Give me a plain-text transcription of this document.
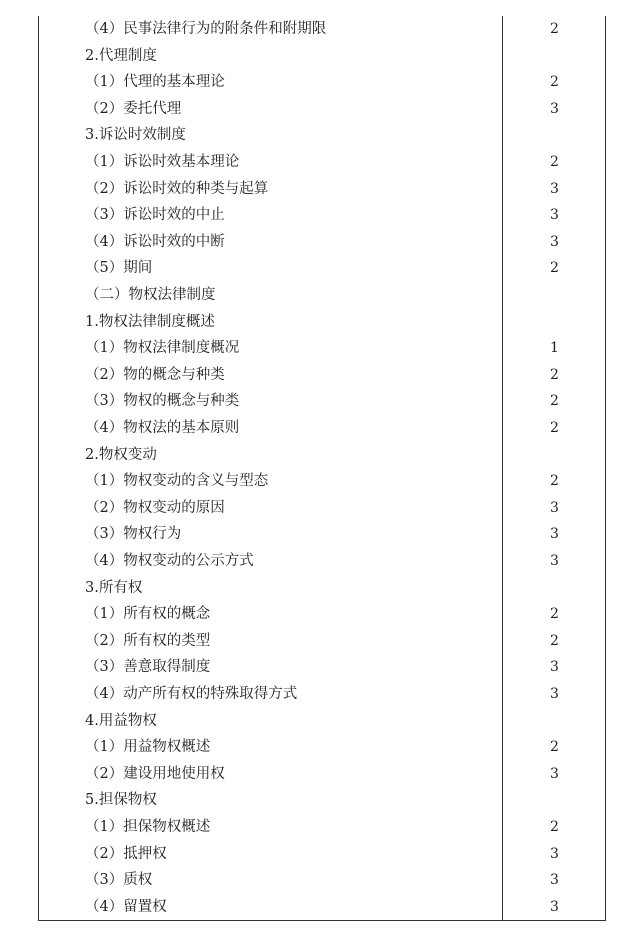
（4）民事法律行为的附条件和附期限	2
2.代理制度
（1）代理的基本理论	2
（2）委托代理	3
3.诉讼时效制度
（1）诉讼时效基本理论	2
（2）诉讼时效的种类与起算	3
（3）诉讼时效的中止	3
（4）诉讼时效的中断	3
（5）期间	2
（二）物权法律制度
1.物权法律制度概述
（1）物权法律制度概况	1
（2）物的概念与种类	2
（3）物权的概念与种类	2
（4）物权法的基本原则	2
2.物权变动
（1）物权变动的含义与型态	2
（2）物权变动的原因	3
（3）物权行为	3
（4）物权变动的公示方式	3
3.所有权
（1）所有权的概念	2
（2）所有权的类型	2
（3）善意取得制度	3
（4）动产所有权的特殊取得方式	3
4.用益物权
（1）用益物权概述	2
（2）建设用地使用权	3
5.担保物权
（1）担保物权概述	2
（2）抵押权	3
（3）质权	3
（4）留置权	3
